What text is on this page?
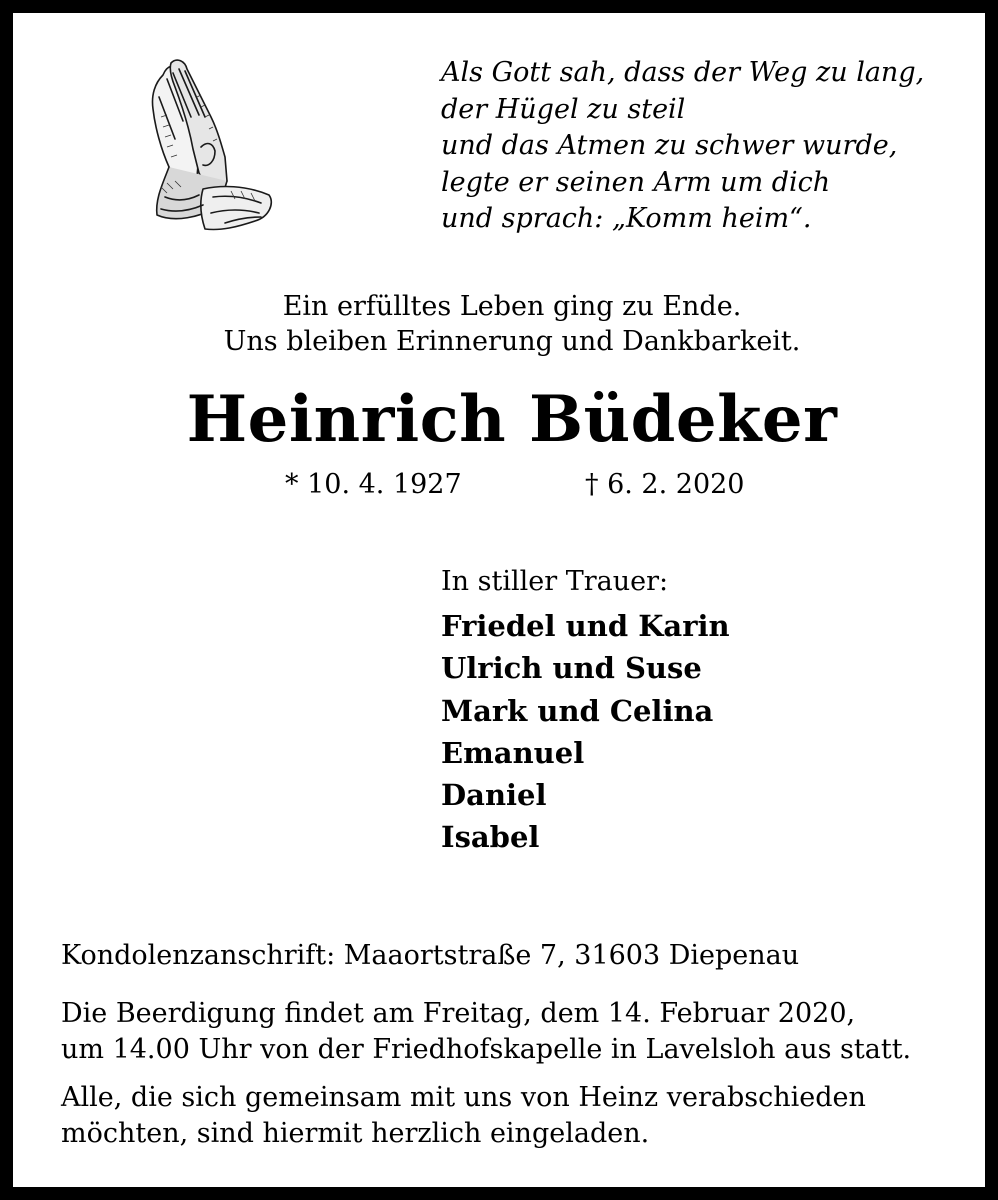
Als Gott sah, dass der Weg zu lang,
der Hügel zu steil
und das Atmen zu schwer wurde,
legte er seinen Arm um dich
und sprach: „Komm heim“.
Ein erfülltes Leben ging zu Ende.
Uns bleiben Erinnerung und Dankbarkeit.
Heinrich Büdeker
* 10. 4. 1927	† 6. 2. 2020
In stiller Trauer:
Friedel und Karin
Ulrich und Suse
Mark und Celina
Emanuel
Daniel
Isabel
Kondolenzanschrift: Maaortstraße 7, 31603 Diepenau
Die Beerdigung findet am Freitag, dem 14. Februar 2020,
um 14.00 Uhr von der Friedhofskapelle in Lavelsloh aus statt.
Alle, die sich gemeinsam mit uns von Heinz verabschieden
möchten, sind hiermit herzlich eingeladen.
